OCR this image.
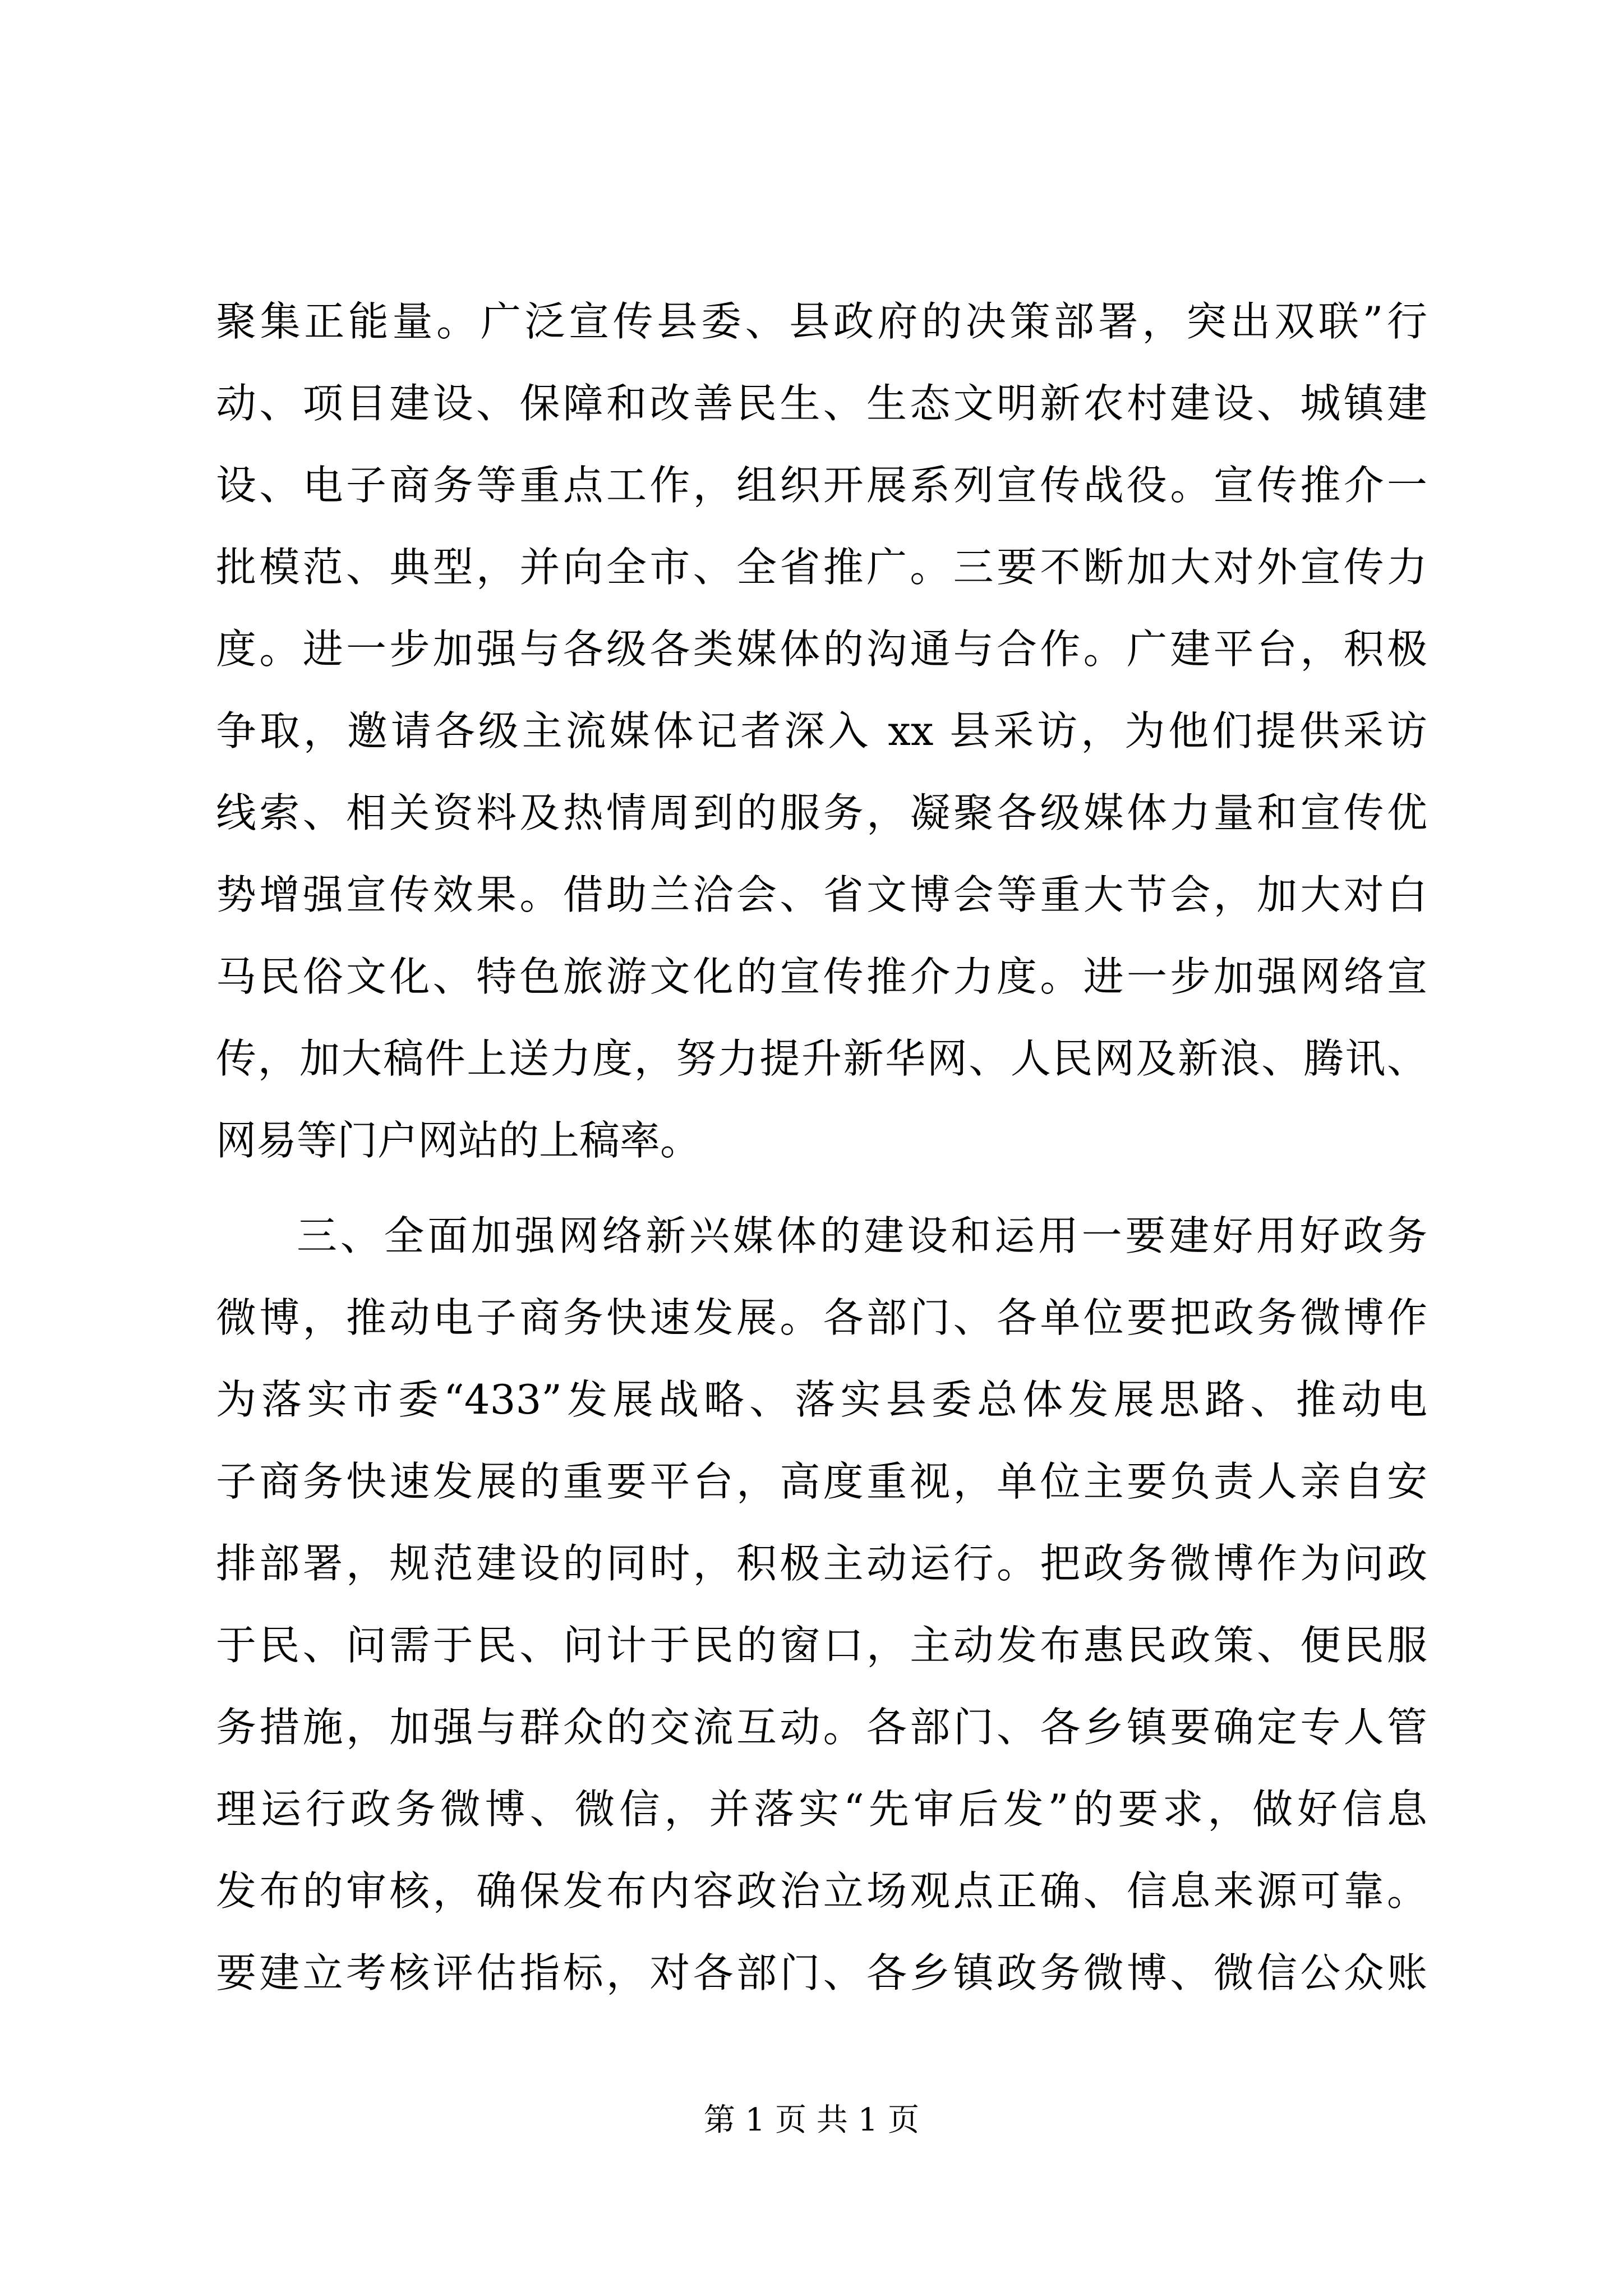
聚集正能量。广泛宣传县委、县政府的决策部署，突出双联”行
动、项目建设、保障和改善民生、生态文明新农村建设、城镇建
设、电子商务等重点工作，组织开展系列宣传战役。宣传推介一
批模范、典型，并向全市、全省推广。三要不断加大对外宣传力
度。进一步加强与各级各类媒体的沟通与合作。广建平台，积极
争取，邀请各级主流媒体记者深入 xx 县采访，为他们提供采访
线索、相关资料及热情周到的服务，凝聚各级媒体力量和宣传优
势增强宣传效果。借助兰洽会、省文博会等重大节会，加大对白
马民俗文化、特色旅游文化的宣传推介力度。进一步加强网络宣
传，加大稿件上送力度，努力提升新华网、人民网及新浪、腾讯、
网易等门户网站的上稿率。
三、全面加强网络新兴媒体的建设和运用一要建好用好政务
微博，推动电子商务快速发展。各部门、各单位要把政务微博作
为落实市委“433”发展战略、落实县委总体发展思路、推动电
子商务快速发展的重要平台，高度重视，单位主要负责人亲自安
排部署，规范建设的同时，积极主动运行。把政务微博作为问政
于民、问需于民、问计于民的窗口，主动发布惠民政策、便民服
务措施，加强与群众的交流互动。各部门、各乡镇要确定专人管
理运行政务微博、微信，并落实“先审后发”的要求，做好信息
发布的审核，确保发布内容政治立场观点正确、信息来源可靠。
要建立考核评估指标，对各部门、各乡镇政务微博、微信公众账
第 1 页 共 1 页
